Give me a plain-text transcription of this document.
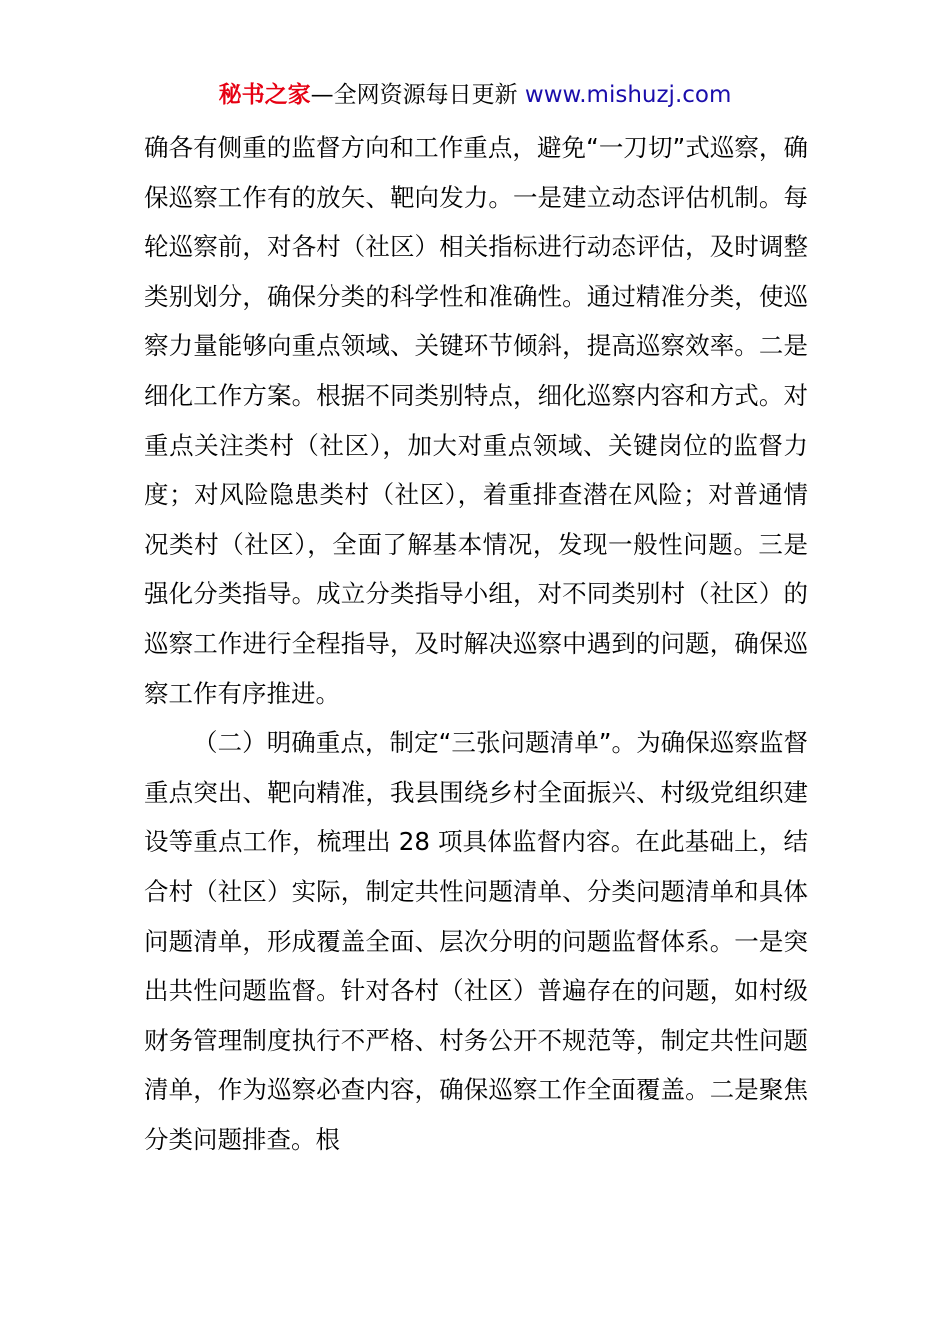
秘书之家—全网资源每日更新 www.mishuzj.com

确各有侧重的监督方向和工作重点，避免“一刀切”式巡察，确保巡察工作有的放矢、靶向发力。一是建立动态评估机制。每轮巡察前，对各村（社区）相关指标进行动态评估，及时调整类别划分，确保分类的科学性和准确性。通过精准分类，使巡察力量能够向重点领域、关键环节倾斜，提高巡察效率。二是细化工作方案。根据不同类别特点，细化巡察内容和方式。对重点关注类村（社区），加大对重点领域、关键岗位的监督力度；对风险隐患类村（社区），着重排查潜在风险；对普通情况类村（社区），全面了解基本情况，发现一般性问题。三是强化分类指导。成立分类指导小组，对不同类别村（社区）的巡察工作进行全程指导，及时解决巡察中遇到的问题，确保巡察工作有序推进。

（二）明确重点，制定“三张问题清单”。为确保巡察监督重点突出、靶向精准，我县围绕乡村全面振兴、村级党组织建设等重点工作，梳理出 28 项具体监督内容。在此基础上，结合村（社区）实际，制定共性问题清单、分类问题清单和具体问题清单，形成覆盖全面、层次分明的问题监督体系。一是突出共性问题监督。针对各村（社区）普遍存在的问题，如村级财务管理制度执行不严格、村务公开不规范等，制定共性问题清单，作为巡察必查内容，确保巡察工作全面覆盖。二是聚焦分类问题排查。根
